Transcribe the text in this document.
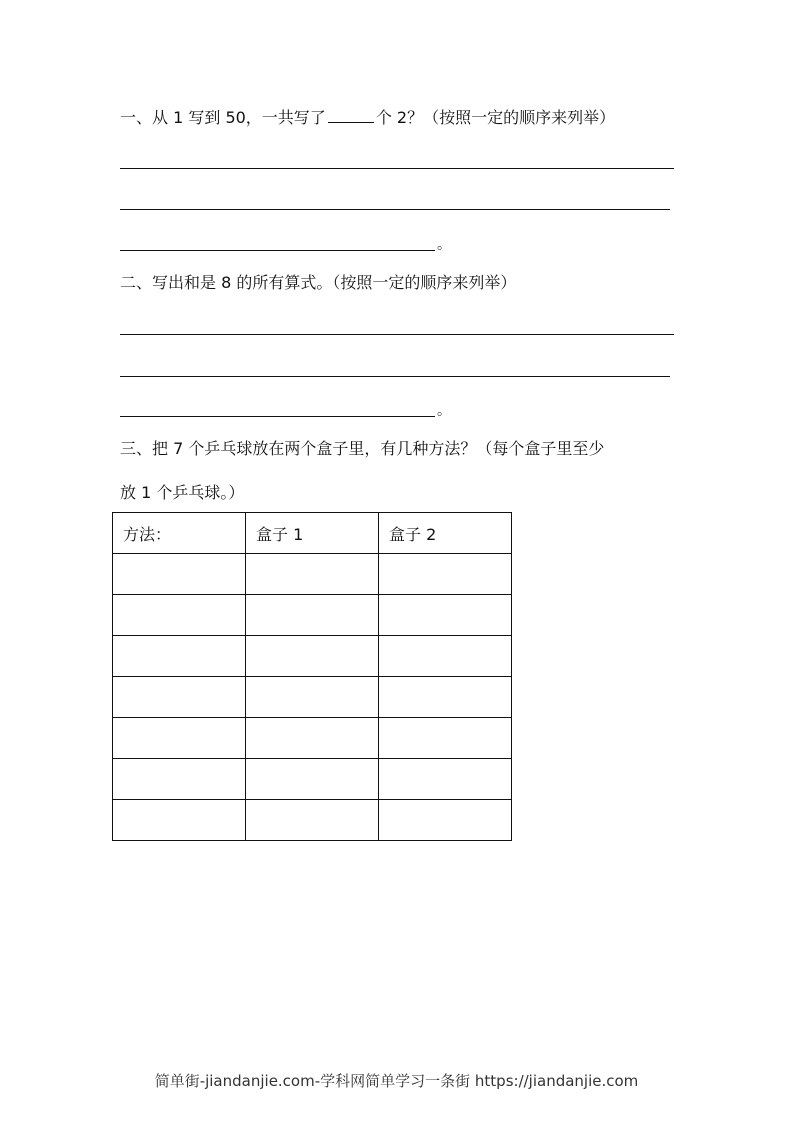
一、从 1 写到 50，一共写了	个 2？（按照一定的顺序来列举）
。
二、写出和是 8 的所有算式。（按照一定的顺序来列举）
。
三、把 7 个乒乓球放在两个盒子里，有几种方法？（每个盒子里至少
放 1 个乒乓球。）
方法：	盒子 1	盒子 2

简单街-jiandanjie.com-学科网简单学习一条街 https://jiandanjie.com
